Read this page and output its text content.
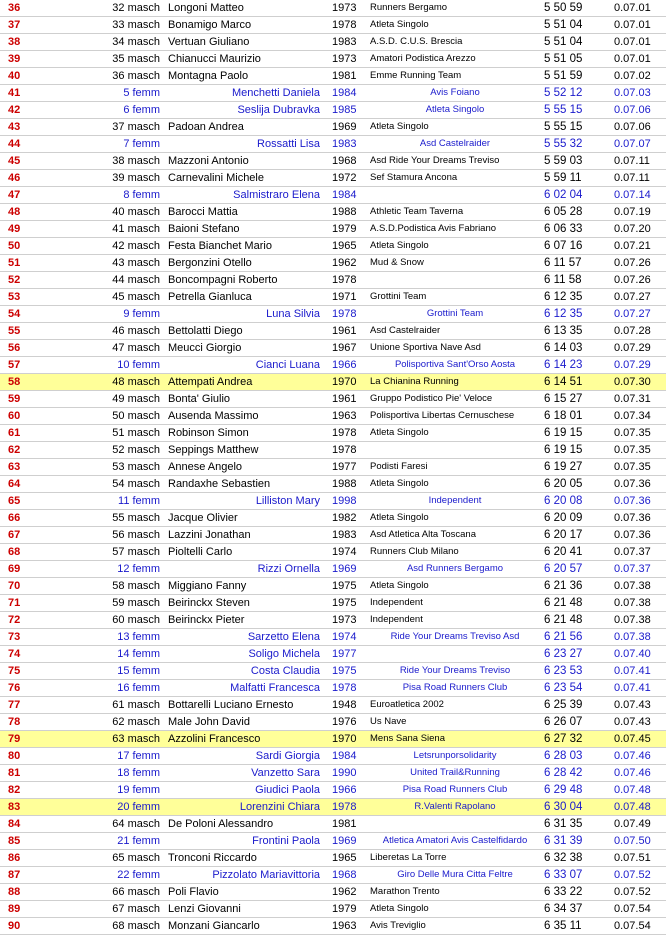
36	32 masch	Longoni Matteo	1973	Runners Bergamo	5 50 59	0.07.01
37	33 masch	Bonamigo Marco	1978	Atleta Singolo	5 51 04	0.07.01
38	34 masch	Vertuan Giuliano	1983	A.S.D. C.U.S. Brescia	5 51 04	0.07.01
39	35 masch	Chianucci Maurizio	1973	Amatori Podistica Arezzo	5 51 05	0.07.01
40	36 masch	Montagna Paolo	1981	Emme Running Team	5 51 59	0.07.02
41	5 femm	Menchetti Daniela	1984	Avis Foiano	5 52 12	0.07.03
42	6 femm	Seslija Dubravka	1985	Atleta Singolo	5 55 15	0.07.06
43	37 masch	Padoan Andrea	1969	Atleta Singolo	5 55 15	0.07.06
44	7 femm	Rossatti Lisa	1983	Asd Castelraider	5 55 32	0.07.07
45	38 masch	Mazzoni Antonio	1968	Asd Ride Your Dreams Treviso	5 59 03	0.07.11
46	39 masch	Carnevalini Michele	1972	Sef Stamura Ancona	5 59 11	0.07.11
47	8 femm	Salmistraro Elena	1984		6 02 04	0.07.14
48	40 masch	Barocci Mattia	1988	Athletic Team Taverna	6 05 28	0.07.19
49	41 masch	Baioni Stefano	1979	A.S.D.Podistica Avis Fabriano	6 06 33	0.07.20
50	42 masch	Festa Bianchet Mario	1965	Atleta Singolo	6 07 16	0.07.21
51	43 masch	Bergonzini Otello	1962	Mud & Snow	6 11 57	0.07.26
52	44 masch	Boncompagni Roberto	1978		6 11 58	0.07.26
53	45 masch	Petrella Gianluca	1971	Grottini Team	6 12 35	0.07.27
54	9 femm	Luna Silvia	1978	Grottini Team	6 12 35	0.07.27
55	46 masch	Bettolatti Diego	1961	Asd Castelraider	6 13 35	0.07.28
56	47 masch	Meucci Giorgio	1967	Unione Sportiva Nave Asd	6 14 03	0.07.29
57	10 femm	Cianci Luana	1966	Polisportiva Sant'Orso Aosta	6 14 23	0.07.29
58	48 masch	Attempati Andrea	1970	La Chianina Running	6 14 51	0.07.30
59	49 masch	Bonta' Giulio	1961	Gruppo Podistico Pie' Veloce	6 15 27	0.07.31
60	50 masch	Ausenda Massimo	1963	Polisportiva Libertas Cernuschese	6 18 01	0.07.34
61	51 masch	Robinson Simon	1978	Atleta Singolo	6 19 15	0.07.35
62	52 masch	Seppings Matthew	1978		6 19 15	0.07.35
63	53 masch	Annese Angelo	1977	Podisti Faresi	6 19 27	0.07.35
64	54 masch	Randaxhe Sebastien	1988	Atleta Singolo	6 20 05	0.07.36
65	11 femm	Lilliston Mary	1998	Independent	6 20 08	0.07.36
66	55 masch	Jacque Olivier	1982	Atleta Singolo	6 20 09	0.07.36
67	56 masch	Lazzini Jonathan	1983	Asd Atletica Alta Toscana	6 20 17	0.07.36
68	57 masch	Pioltelli Carlo	1974	Runners Club Milano	6 20 41	0.07.37
69	12 femm	Rizzi Ornella	1969	Asd Runners Bergamo	6 20 57	0.07.37
70	58 masch	Miggiano Fanny	1975	Atleta Singolo	6 21 36	0.07.38
71	59 masch	Beirinckx Steven	1975	Independent	6 21 48	0.07.38
72	60 masch	Beirinckx Pieter	1973	Independent	6 21 48	0.07.38
73	13 femm	Sarzetto Elena	1974	Ride Your Dreams Treviso Asd	6 21 56	0.07.38
74	14 femm	Soligo Michela	1977		6 23 27	0.07.40
75	15 femm	Costa Claudia	1975	Ride Your Dreams Treviso	6 23 53	0.07.41
76	16 femm	Malfatti Francesca	1978	Pisa Road Runners Club	6 23 54	0.07.41
77	61 masch	Bottarelli Luciano Ernesto	1948	Euroatletica 2002	6 25 39	0.07.43
78	62 masch	Male John David	1976	Us Nave	6 26 07	0.07.43
79	63 masch	Azzolini Francesco	1970	Mens Sana Siena	6 27 32	0.07.45
80	17 femm	Sardi Giorgia	1984	Letsrunporsolidarity	6 28 03	0.07.46
81	18 femm	Vanzetto Sara	1990	United Trail&Running	6 28 42	0.07.46
82	19 femm	Giudici Paola	1966	Pisa Road Runners Club	6 29 48	0.07.48
83	20 femm	Lorenzini Chiara	1978	R.Valenti Rapolano	6 30 04	0.07.48
84	64 masch	De Poloni Alessandro	1981		6 31 35	0.07.49
85	21 femm	Frontini Paola	1969	Atletica Amatori Avis Castelfidardo	6 31 39	0.07.50
86	65 masch	Tronconi Riccardo	1965	Liberetas La Torre	6 32 38	0.07.51
87	22 femm	Pizzolato Mariavittoria	1968	Giro Delle Mura Citta Feltre	6 33 07	0.07.52
88	66 masch	Poli Flavio	1962	Marathon Trento	6 33 22	0.07.52
89	67 masch	Lenzi Giovanni	1979	Atleta Singolo	6 34 37	0.07.54
90	68 masch	Monzani Giancarlo	1963	Avis Treviglio	6 35 11	0.07.54
